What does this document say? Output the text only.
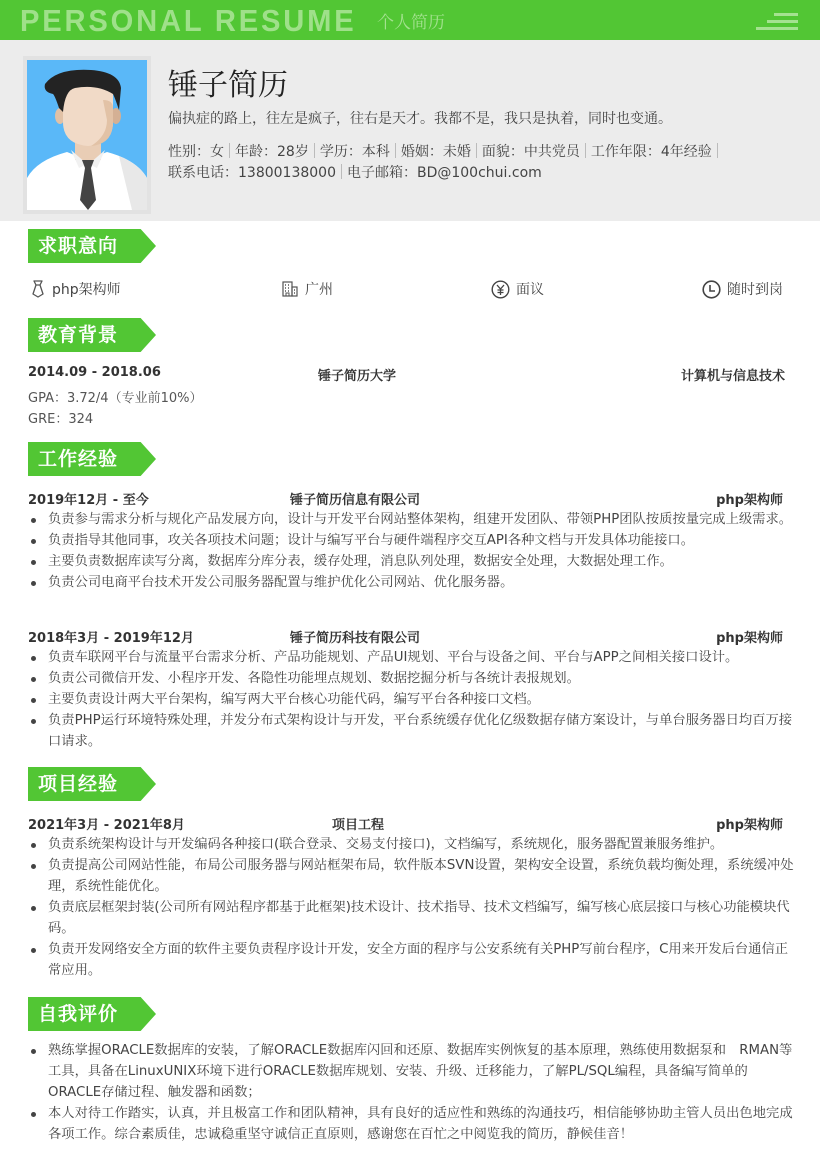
PERSONAL RESUME 个人简历
锤子简历
偏执症的路上，往左是疯子，往右是天才。我都不是，我只是执着，同时也变通。
性别：女 年龄：28岁 学历：本科 婚姻：未婚 面貌：中共党员 工作年限：4年经验
联系电话：13800138000 电子邮箱：BD@100chui.com
求职意向
php架构师	广州	面议	随时到岗
教育背景
2014.09 - 2018.06	锤子简历大学	计算机与信息技术
GPA：3.72/4（专业前10%）
GRE：324
工作经验
2019年12月 - 至今	锤子简历信息有限公司	php架构师
负责参与需求分析与规化产品发展方向，设计与开发平台网站整体架构，组建开发团队、带领PHP团队按质按量完成上级需求。
负责指导其他同事，攻关各项技术问题；设计与编写平台与硬件端程序交互API各种文档与开发具体功能接口。
主要负责数据库读写分离，数据库分库分表，缓存处理，消息队列处理，数据安全处理，大数据处理工作。
负责公司电商平台技术开发公司服务器配置与维护优化公司网站、优化服务器。
2018年3月 - 2019年12月	锤子简历科技有限公司	php架构师
负责车联网平台与流量平台需求分析、产品功能规划、产品UI规划、平台与设备之间、平台与APP之间相关接口设计。
负责公司微信开发、小程序开发、各隐性功能埋点规划、数据挖掘分析与各统计表报规划。
主要负责设计两大平台架构，编写两大平台核心功能代码，编写平台各种接口文档。
负责PHP运行环境特殊处理，并发分布式架构设计与开发，平台系统缓存优化亿级数据存储方案设计，与单台服务器日均百万接口请求。
项目经验
2021年3月 - 2021年8月	项目工程	php架构师
负责系统架构设计与开发编码各种接口(联合登录、交易支付接口)，文档编写，系统规化，服务器配置兼服务维护。
负责提高公司网站性能，布局公司服务器与网站框架布局，软件版本SVN设置，架构安全设置，系统负载均衡处理，系统缓冲处理，系统性能优化。
负责底层框架封装(公司所有网站程序都基于此框架)技术设计、技术指导、技术文档编写，编写核心底层接口与核心功能模块代码。
负责开发网络安全方面的软件主要负责程序设计开发，安全方面的程序与公安系统有关PHP写前台程序，C用来开发后台通信正常应用。
自我评价
熟练掌握ORACLE数据库的安装，了解ORACLE数据库闪回和还原、数据库实例恢复的基本原理，熟练使用数据泵和　RMAN等工具，具备在LinuxUNIX环境下进行ORACLE数据库规划、安装、升级、迁移能力，了解PL/SQL编程，具备编写简单的ORACLE存储过程、触发器和函数；
本人对待工作踏实，认真，并且极富工作和团队精神，具有良好的适应性和熟练的沟通技巧，相信能够协助主管人员出色地完成各项工作。综合素质佳，忠诚稳重坚守诚信正直原则，感谢您在百忙之中阅览我的简历，静候佳音！
